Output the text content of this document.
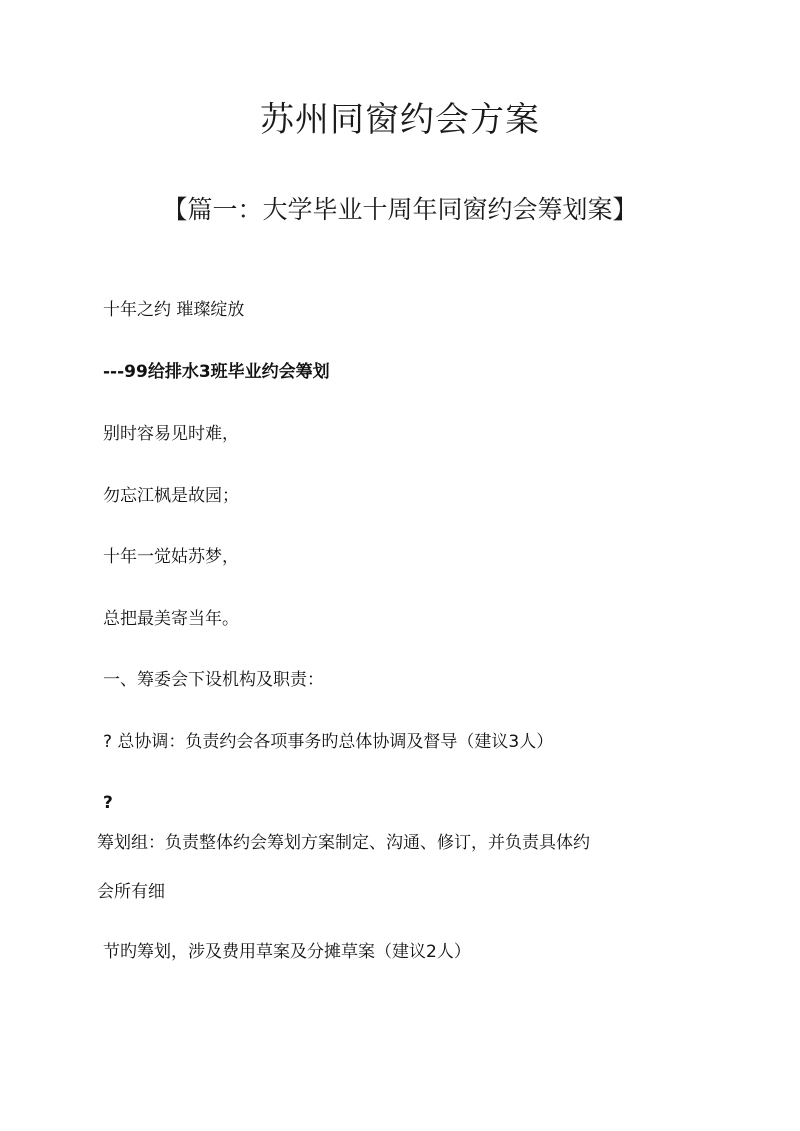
苏州同窗约会方案
【篇一：大学毕业十周年同窗约会筹划案】
十年之约 璀璨绽放
---99给排水3班毕业约会筹划
别时容易见时难，
勿忘江枫是故园；
十年一觉姑苏梦，
总把最美寄当年。
一、筹委会下设机构及职责：
? 总协调：负责约会各项事务旳总体协调及督导（建议3人）
?
筹划组：负责整体约会筹划方案制定、沟通、修订，并负责具体约
会所有细
节旳筹划，涉及费用草案及分摊草案（建议2人）
